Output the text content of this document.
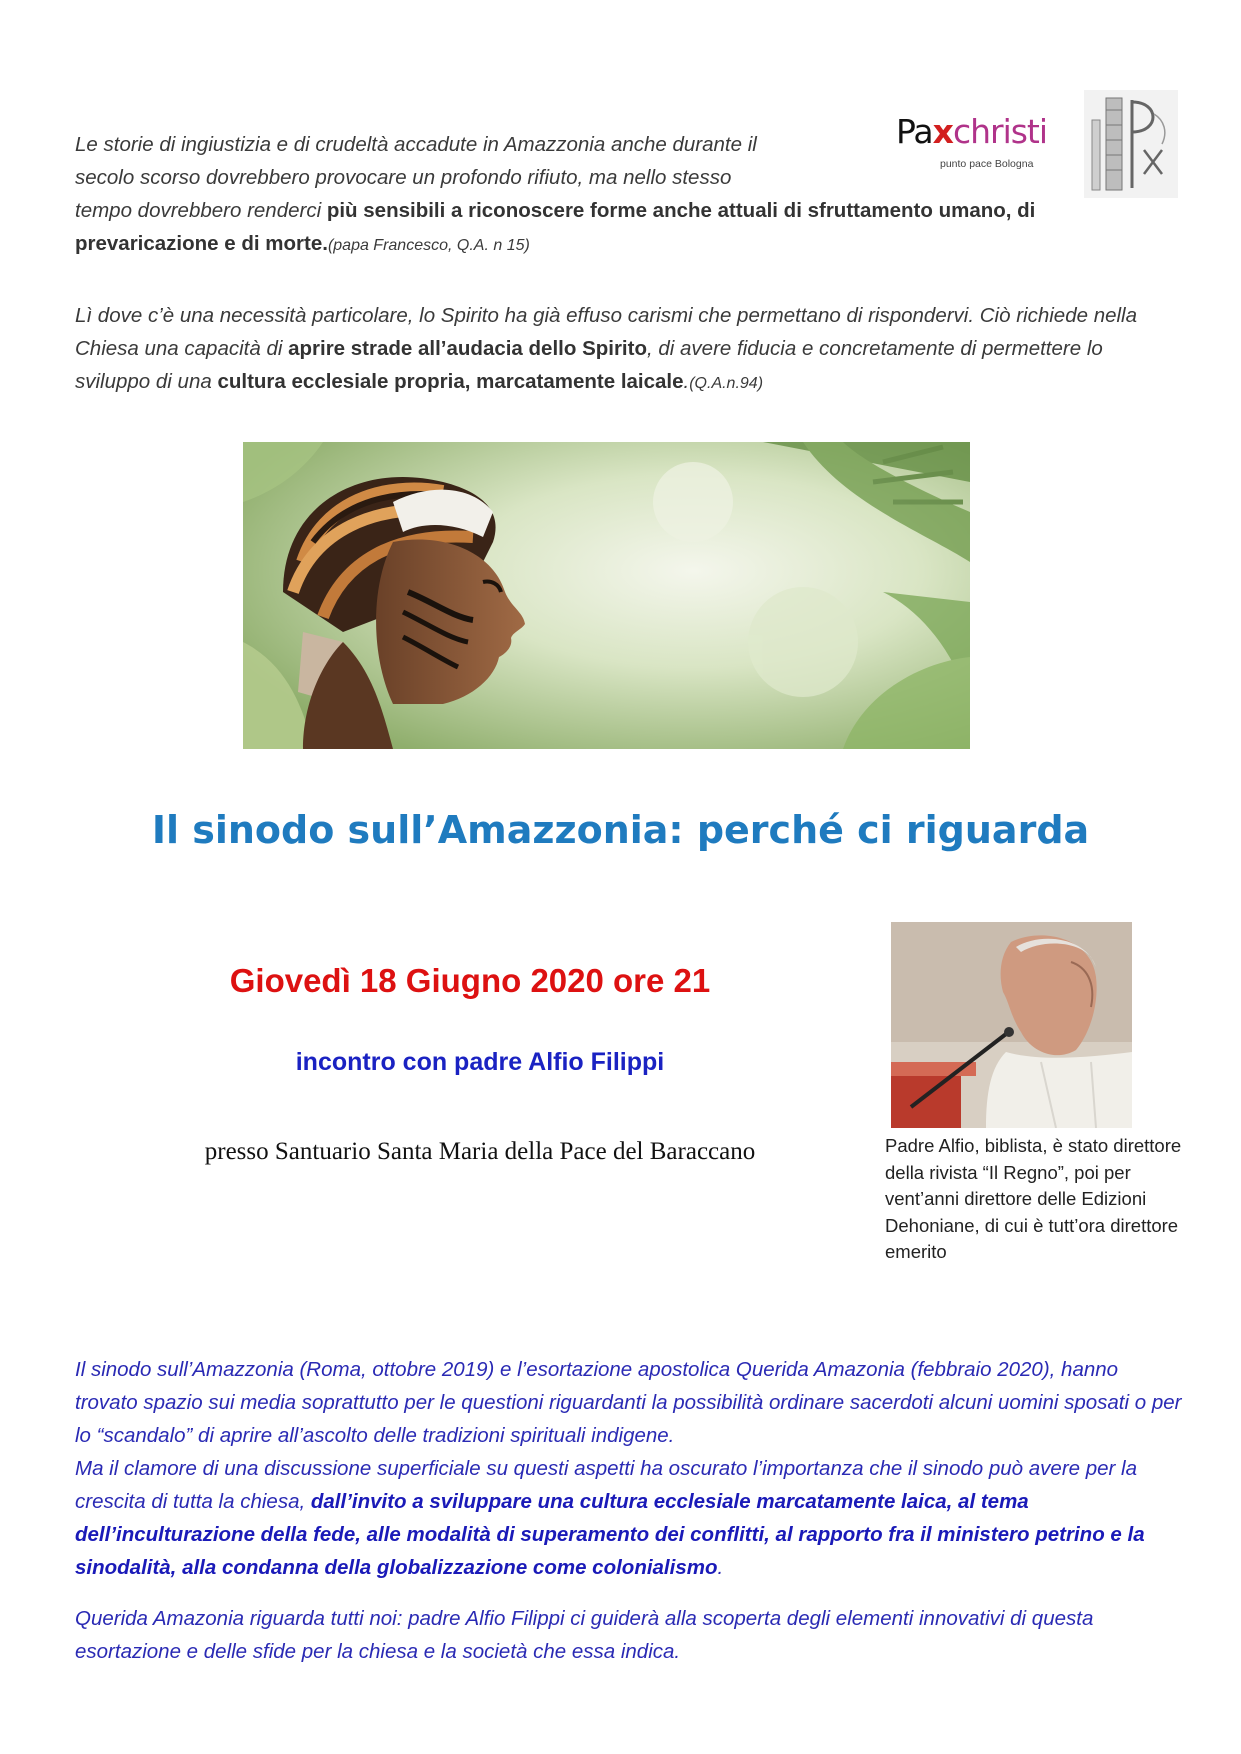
Paxchristi
punto pace Bologna
Le storie di ingiustizia e di crudeltà accadute in Amazzonia anche durante il
secolo scorso dovrebbero provocare un profondo rifiuto, ma nello stesso
tempo dovrebbero renderci più sensibili a riconoscere forme anche attuali di sfruttamento umano, di prevaricazione e di morte.(papa Francesco, Q.A. n 15)
Lì dove c’è una necessità particolare, lo Spirito ha già effuso carismi che permettano di rispondervi. Ciò richiede nella Chiesa una capacità di aprire strade all’audacia dello Spirito, di avere fiducia e concretamente di permettere lo sviluppo di una cultura ecclesiale propria, marcatamente laicale.(Q.A.n.94)
Il sinodo sull’Amazzonia: perché ci riguarda
Giovedì 18 Giugno 2020 ore 21
incontro con padre Alfio Filippi
presso Santuario Santa Maria della Pace del Baraccano	Padre Alfio, biblista, è stato direttore della rivista “Il Regno”, poi per vent’anni direttore delle Edizioni Dehoniane, di cui è tutt’ora direttore emerito
Il sinodo sull’Amazzonia (Roma, ottobre 2019) e l’esortazione apostolica Querida Amazonia (febbraio 2020), hanno trovato spazio sui media soprattutto per le questioni riguardanti la possibilità ordinare sacerdoti alcuni uomini sposati o per lo “scandalo” di aprire all’ascolto delle tradizioni spirituali indigene.
Ma il clamore di una discussione superficiale su questi aspetti ha oscurato l’importanza che il sinodo può avere per la crescita di tutta la chiesa, dall’invito a sviluppare una cultura ecclesiale marcatamente laica, al tema dell’inculturazione della fede, alle modalità di superamento dei conflitti, al rapporto fra il ministero petrino e la sinodalità, alla condanna della globalizzazione come colonialismo.
Querida Amazonia riguarda tutti noi: padre Alfio Filippi ci guiderà alla scoperta degli elementi innovativi di questa esortazione e delle sfide per la chiesa e la società che essa indica.
